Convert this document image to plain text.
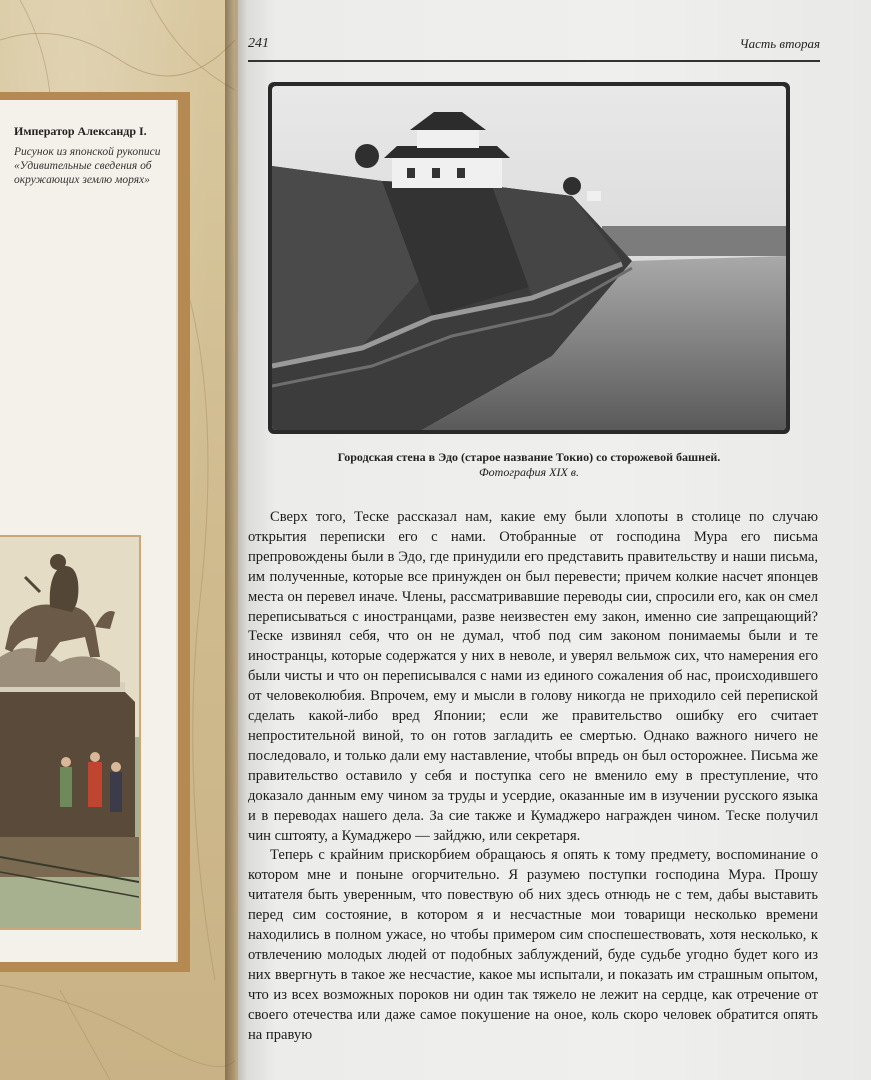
Император Александр I.
Рисунок из японской рукописи «Удивительные сведения об окружающих землю морях»
241	Часть вторая
Городская стена в Эдо (старое название Токио) со сторожевой башней.
Фотография XIX в.

Сверх того, Теске рассказал нам, какие ему были хлопоты в столице по случаю открытия переписки его с нами. Отобранные от господина Мура его письма препровождены были в Эдо, где принудили его представить правительству и наши письма, им полученные, которые все принужден он был перевести; причем колкие насчет японцев места он перевел иначе. Члены, рассматривавшие переводы сии, спросили его, как он смел переписываться с иностранцами, разве неизвестен ему закон, именно сие запрещающий? Теске извинял себя, что он не думал, чтоб под сим законом понимаемы были и те иностранцы, которые содержатся у них в неволе, и уверял вельмож сих, что намерения его были чисты и что он переписывался с нами из единого сожаления об нас, происходившего от человеколюбия. Впрочем, ему и мысли в голову никогда не приходило сей перепиской сделать какой-либо вред Японии; если же правительство ошибку его считает непростительной виной, то он готов загладить ее смертью. Однако важного ничего не последовало, и только дали ему наставление, чтобы впредь он был осторожнее. Письма же правительство оставило у себя и поступка сего не вменило ему в преступление, что доказало данным ему чином за труды и усердие, оказанные им в изучении русского языка и в переводах нашего дела. За сие также и Кумаджеро награжден чином. Теске получил чин сштояту, а Кумаджеро — зайджю, или секретаря.

Теперь с крайним прискорбием обращаюсь я опять к тому предмету, воспоминание о котором мне и поныне огорчительно. Я разумею поступки господина Мура. Прошу читателя быть уверенным, что повествую об них здесь отнюдь не с тем, дабы выставить перед сим состояние, в котором я и несчастные мои товарищи несколько времени находились в полном ужасе, но чтобы примером сим споспешествовать, хотя несколько, к отвлечению молодых людей от подобных заблуждений, буде судьбе угодно будет кого из них ввергнуть в такое же несчастие, какое мы испытали, и показать им страшным опытом, что из всех возможных пороков ни один так тяжело не лежит на сердце, как отречение от своего отечества или даже самое покушение на оное, коль скоро человек обратится опять на правую
